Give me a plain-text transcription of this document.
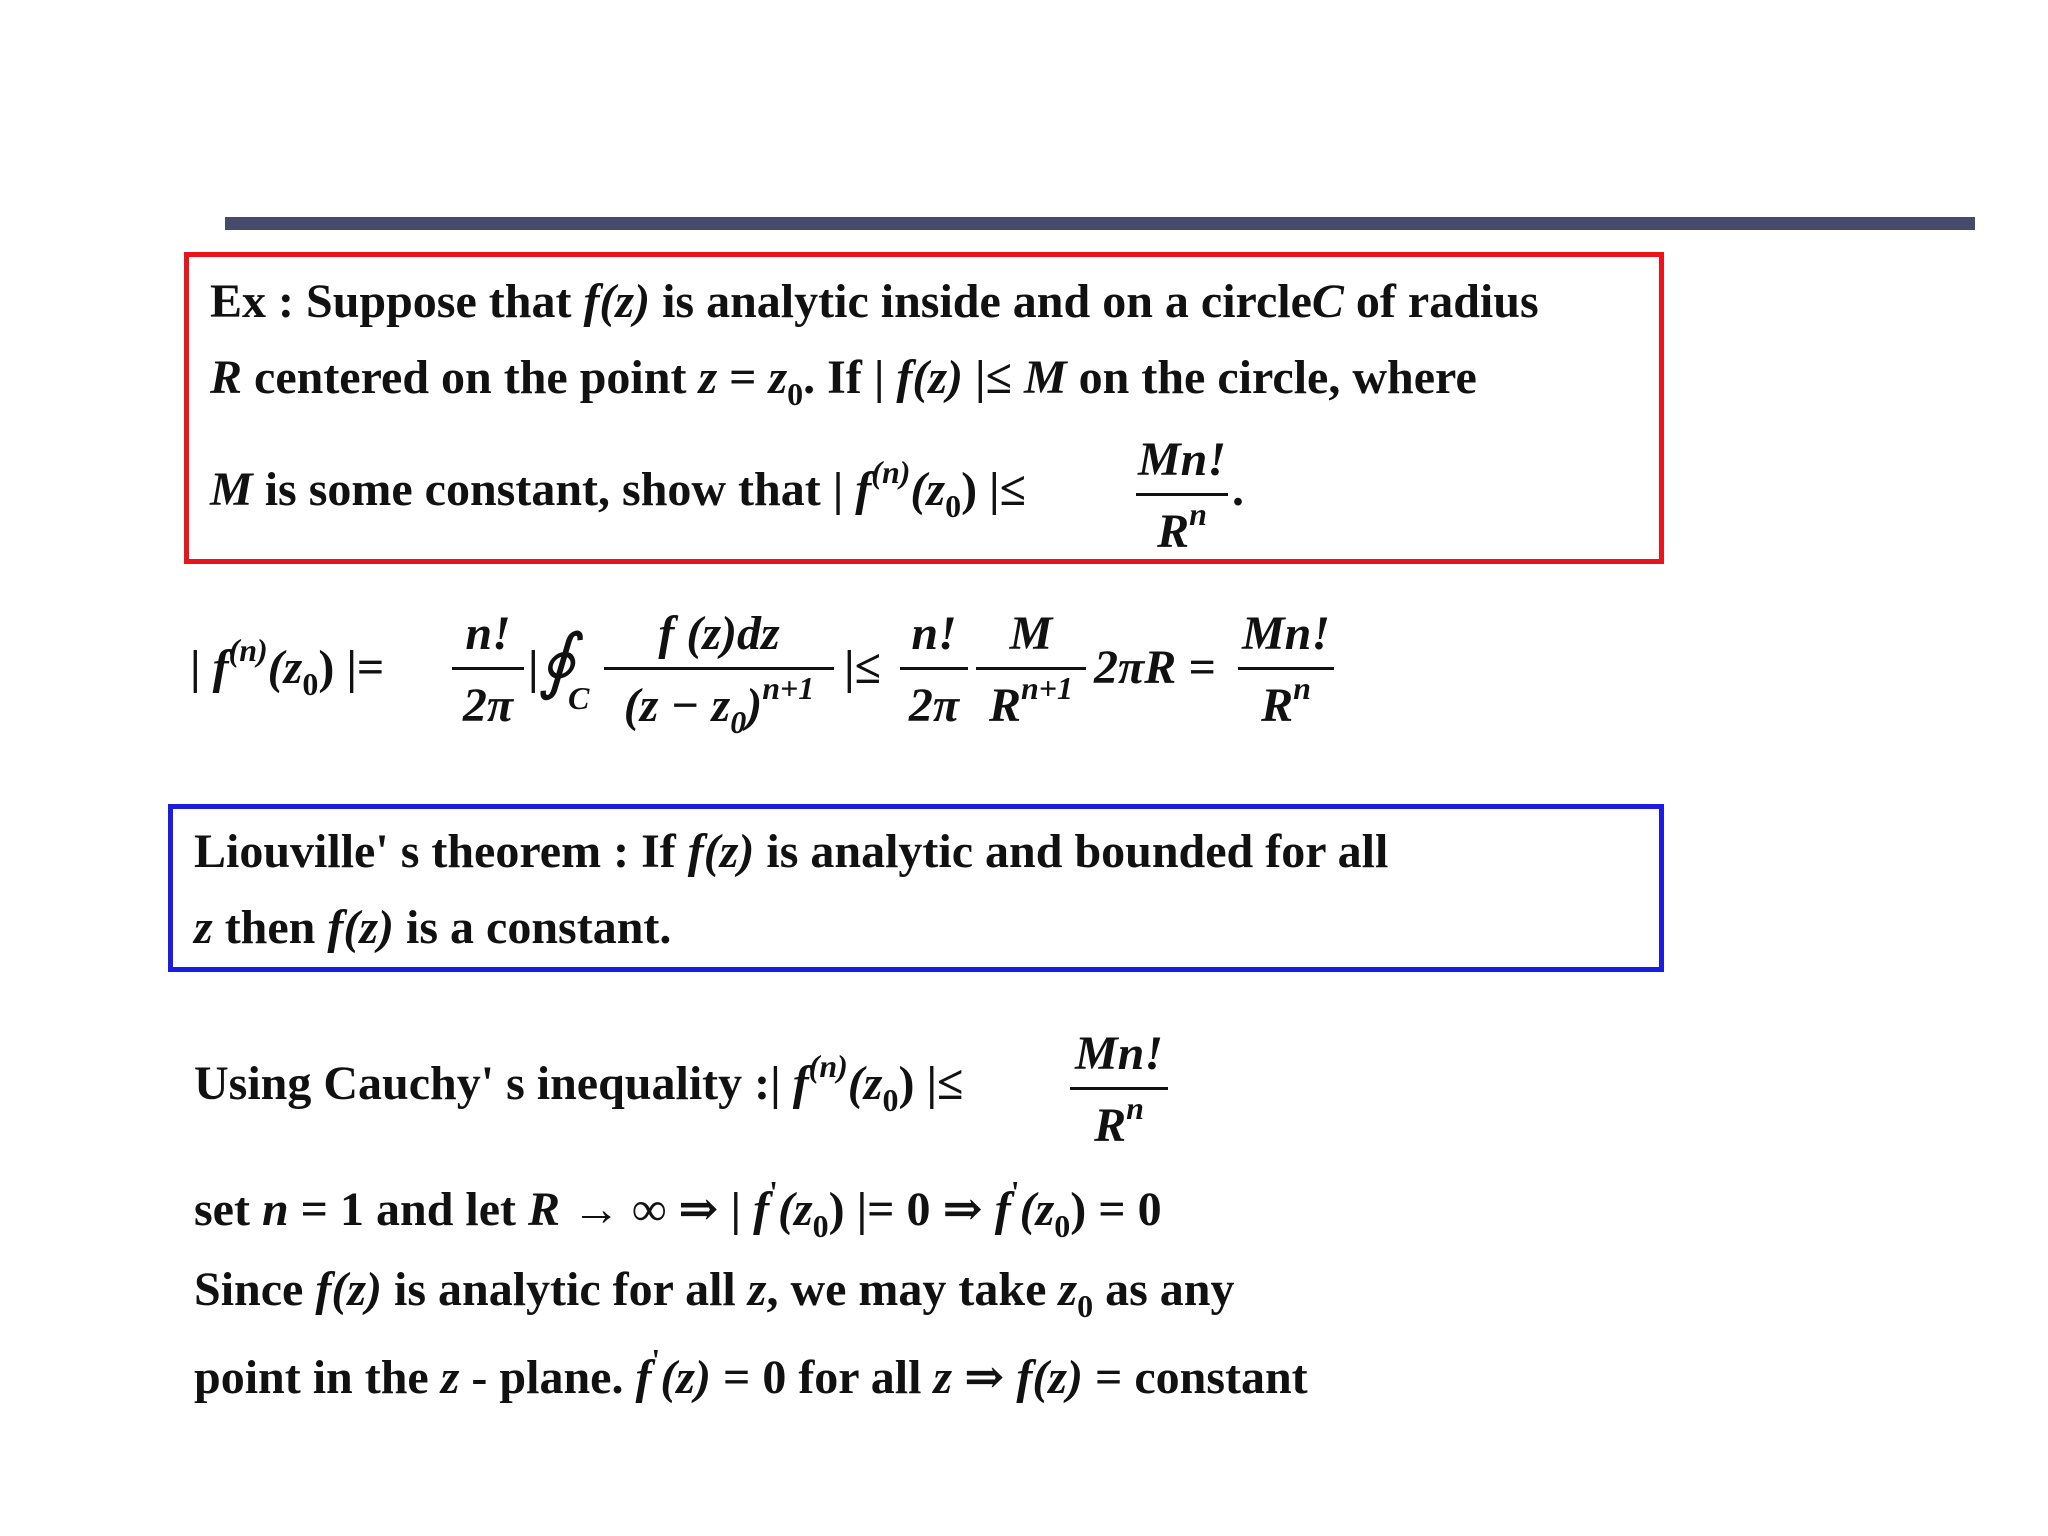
Ex : Suppose that f(z) is analytic inside and on a circleC of radius
R centered on the point $z = z_0$. If | f(z) |≤ M on the circle, where
M is some constant, show that | $f^{(n)}(z_0)$ |≤
Mn!
$R^n$ .
| $f^{(n)}(z_0)$ |=
n!
2π
| ∮
C
f (z)dz
$(z - z_0)^{n+1}$ |≤
n!
2π
M
$R^{n+1}$ 2πR =
Mn!
$R^n$
Liouville' s theorem : If f(z) is analytic and bounded for all
z then f(z) is a constant.
Using Cauchy' s inequality :| $f^{(n)}(z_0)$ |≤
Mn!
$R^n$
set n = 1 and let R → ∞ ⇒ | $f'(z_0)$ |= 0 ⇒ $f'(z_0) = 0$
Since f(z) is analytic for all z, we may take $z_0$ as any
point in the z - plane. f'(z) = 0 for all z ⇒ f(z) = constant
